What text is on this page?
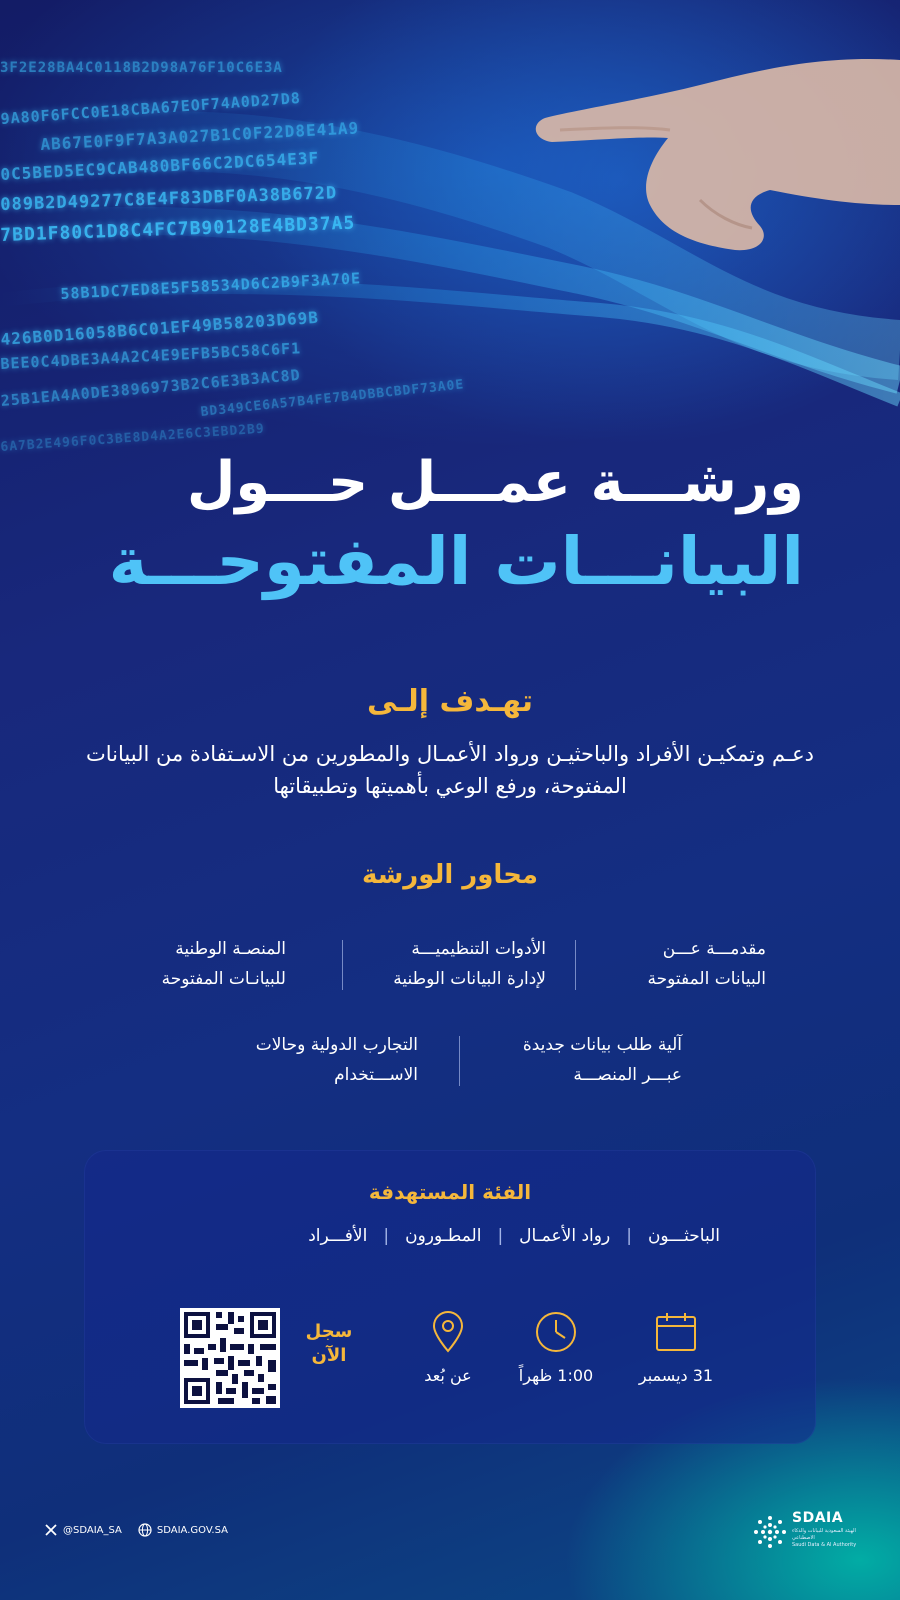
3F2E28BA4C0118B2D98A76F10C6E3A
9A80F6FCC0E18CBA67EOF74A0D27D8
AB67E0F9F7A3A027B1C0F22D8E41A9
0C5BED5EC9CAB480BF66C2DC654E3F
089B2D49277C8E4F83DBF0A38B672D
7BD1F80C1D8C4FC7B90128E4BD37A5
58B1DC7ED8E5F58534D6C2B9F3A70E
426B0D16058B6C01EF49B58203D69B
BEE0C4DBE3A4A2C4E9EFB5BC58C6F1
25B1EA4A0DE3896973B2C6E3B3AC8D
BD349CE6A57B4FE7B4DBBCBDF73A0E
6A7B2E496F0C3BE8D4A2E6C3EBD2B9
ورشـــة عمـــل حـــول
البيانـــات المفتوحـــة
تهـدف إلـى
دعـم وتمكيـن الأفراد والباحثيـن ورواد الأعمـال والمطورين من الاسـتفادة من البيانات المفتوحة، ورفع الوعي بأهميتها وتطبيقاتها
محاور الورشة
مقدمـــة عـــن
البيانات المفتوحة
الأدوات التنظيميـــة
لإدارة البيانات الوطنية
المنصـة الوطنية
للبيانـات المفتوحة
آلية طلب بيانات جديدة
عبـــر المنصـــة
التجارب الدولية وحالات
الاســـتخدام
الفئة المستهدفة
الباحثـــون|رواد الأعمـال|المطـورون|الأفـــراد
31 ديسمبر
1:00 ظهراً
عن بُعد
سجل
الآن
@SDAIA_SA	SDAIA.GOV.SA
SDAIA
الهيئة السعودية للبيانات والذكاء الاصطناعي
Saudi Data & AI Authority
